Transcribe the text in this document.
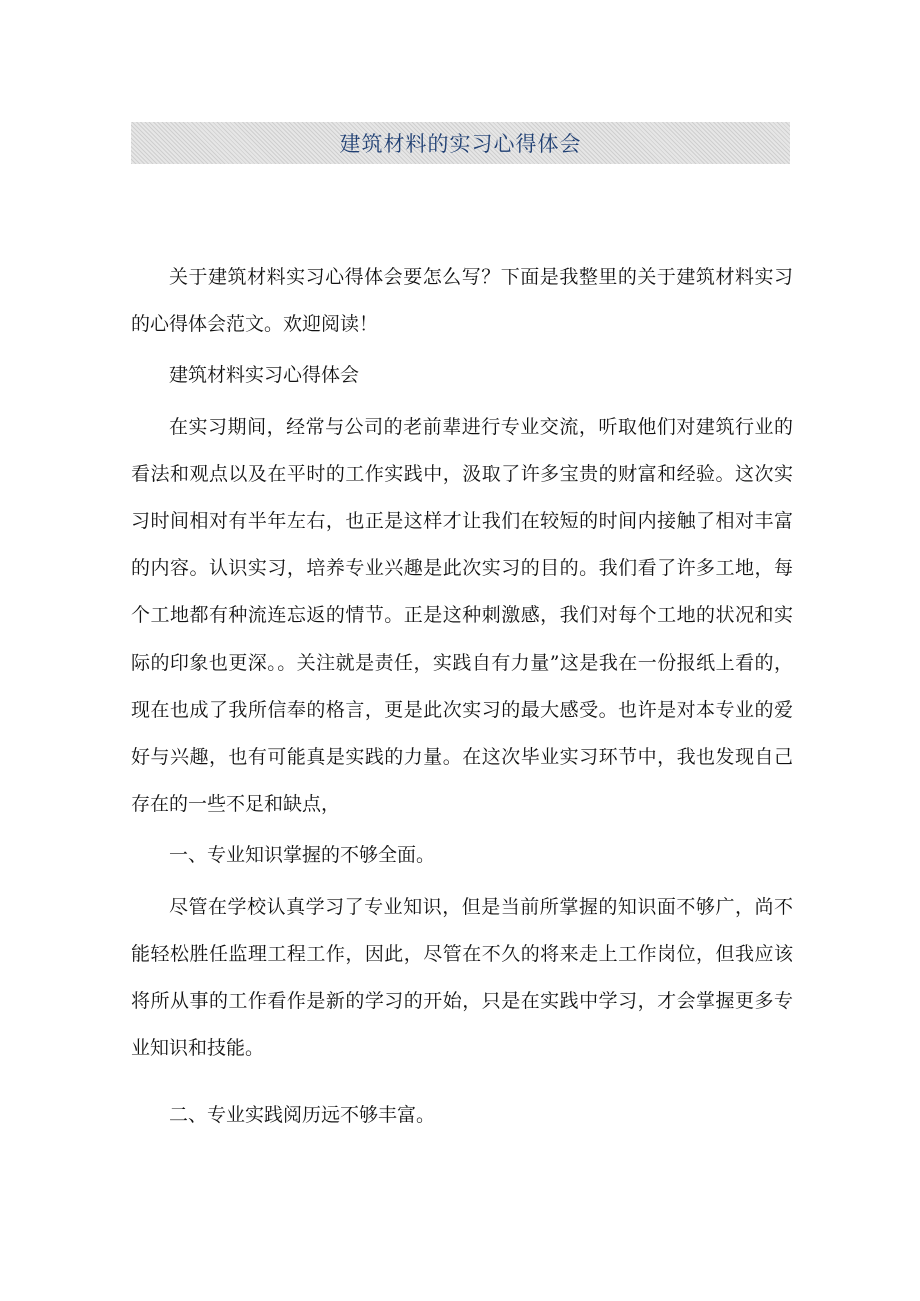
建筑材料的实习心得体会

关于建筑材料实习心得体会要怎么写？下面是我整里的关于建筑材料实习的心得体会范文。欢迎阅读！

建筑材料实习心得体会

在实习期间，经常与公司的老前辈进行专业交流，听取他们对建筑行业的看法和观点以及在平时的工作实践中，汲取了许多宝贵的财富和经验。这次实习时间相对有半年左右，也正是这样才让我们在较短的时间内接触了相对丰富的内容。认识实习，培养专业兴趣是此次实习的目的。我们看了许多工地，每个工地都有种流连忘返的情节。正是这种刺激感，我们对每个工地的状况和实际的印象也更深。。关注就是责任，实践自有力量”这是我在一份报纸上看的，现在也成了我所信奉的格言，更是此次实习的最大感受。也许是对本专业的爱好与兴趣，也有可能真是实践的力量。在这次毕业实习环节中，我也发现自己存在的一些不足和缺点，

一、专业知识掌握的不够全面。

尽管在学校认真学习了专业知识，但是当前所掌握的知识面不够广，尚不能轻松胜任监理工程工作，因此，尽管在不久的将来走上工作岗位，但我应该将所从事的工作看作是新的学习的开始，只是在实践中学习，才会掌握更多专业知识和技能。

二、专业实践阅历远不够丰富。
